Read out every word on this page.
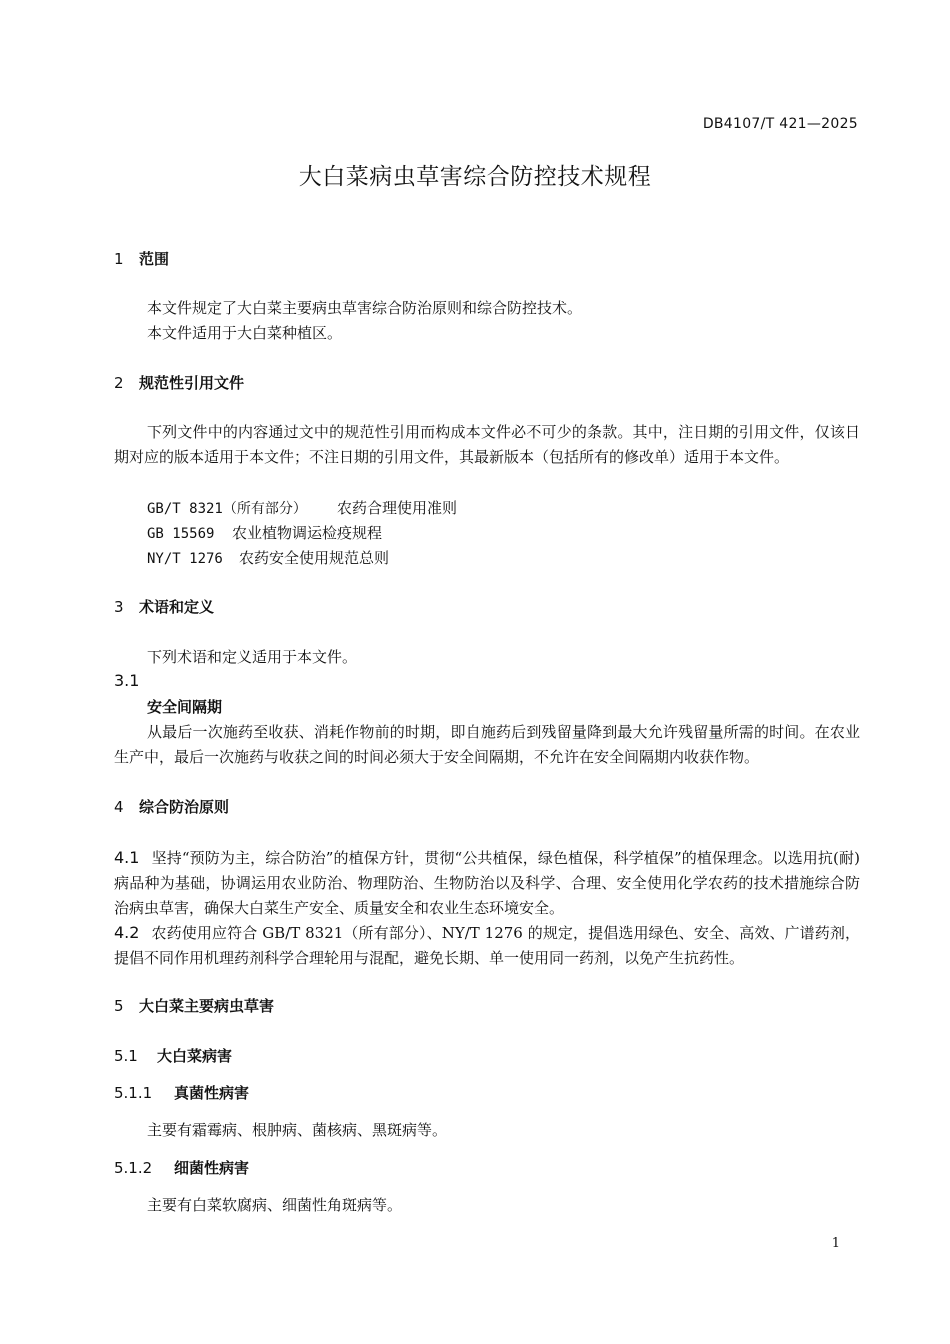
DB4107/T 421—2025
大白菜病虫草害综合防控技术规程
1 范围
本文件规定了大白菜主要病虫草害综合防治原则和综合防控技术。
本文件适用于大白菜种植区。
2 规范性引用文件
下列文件中的内容通过文中的规范性引用而构成本文件必不可少的条款。其中，注日期的引用文件，仅该日期对应的版本适用于本文件；不注日期的引用文件，其最新版本（包括所有的修改单）适用于本文件。
GB/T 8321（所有部分） 农药合理使用准则
GB 15569 农业植物调运检疫规程
NY/T 1276 农药安全使用规范总则
3 术语和定义
下列术语和定义适用于本文件。
3.1
安全间隔期
从最后一次施药至收获、消耗作物前的时期，即自施药后到残留量降到最大允许残留量所需的时间。在农业生产中，最后一次施药与收获之间的时间必须大于安全间隔期，不允许在安全间隔期内收获作物。
4 综合防治原则
4.1 坚持“预防为主，综合防治”的植保方针，贯彻“公共植保，绿色植保，科学植保”的植保理念。以选用抗(耐)病品种为基础，协调运用农业防治、物理防治、生物防治以及科学、合理、安全使用化学农药的技术措施综合防治病虫草害，确保大白菜生产安全、质量安全和农业生态环境安全。
4.2 农药使用应符合 GB/T 8321（所有部分）、NY/T 1276 的规定，提倡选用绿色、安全、高效、广谱药剂，提倡不同作用机理药剂科学合理轮用与混配，避免长期、单一使用同一药剂，以免产生抗药性。
5 大白菜主要病虫草害
5.1 大白菜病害
5.1.1 真菌性病害
主要有霜霉病、根肿病、菌核病、黑斑病等。
5.1.2 细菌性病害
主要有白菜软腐病、细菌性角斑病等。
1
